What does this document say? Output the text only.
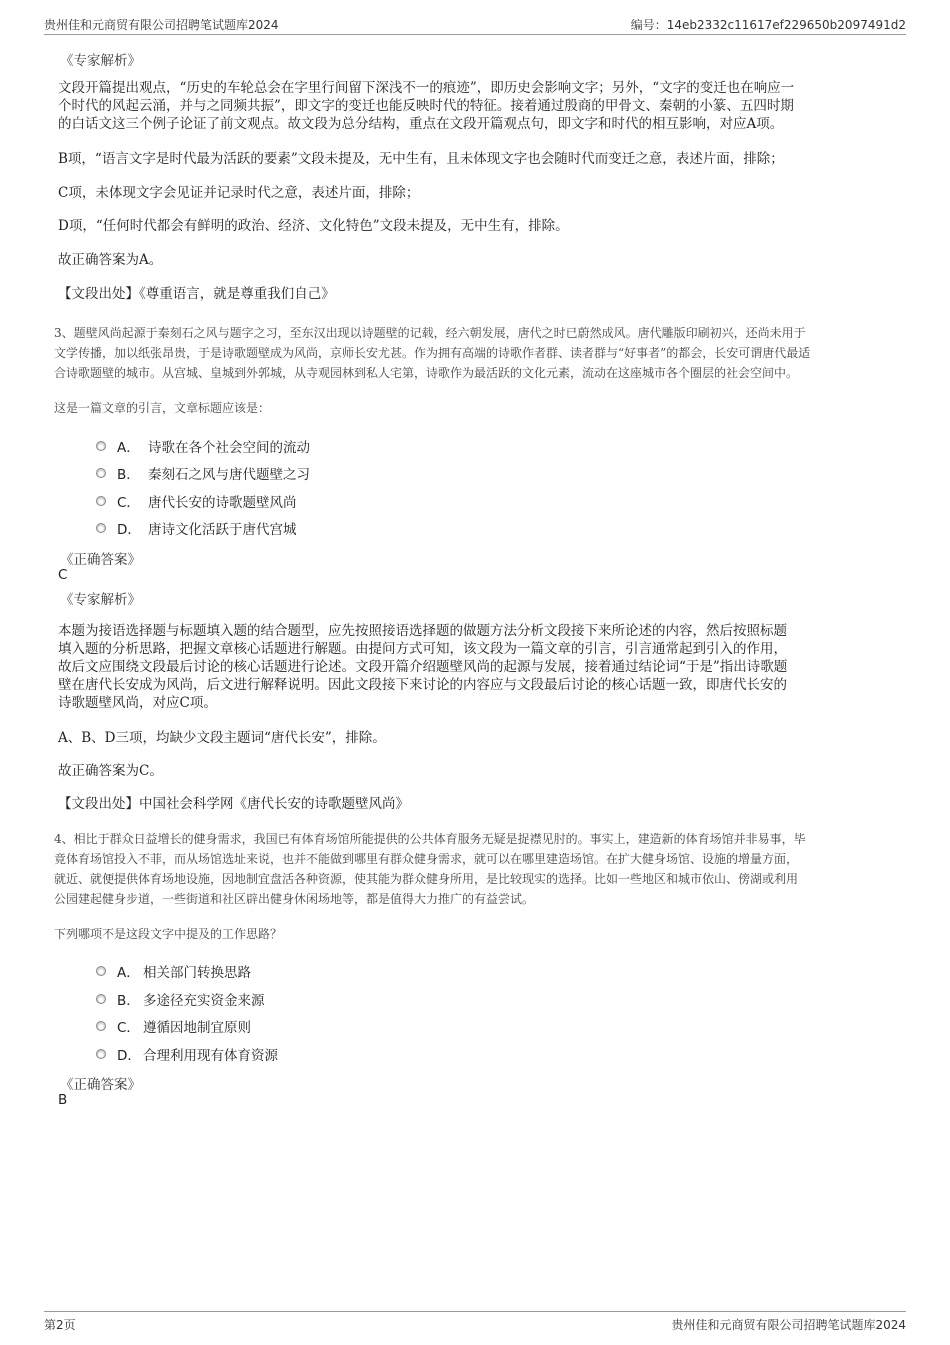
贵州佳和元商贸有限公司招聘笔试题库2024	编号：14eb2332c11617ef229650b2097491d2
《专家解析》
文段开篇提出观点，“历史的车轮总会在字里行间留下深浅不一的痕迹”，即历史会影响文字；另外，“文字的变迁也在响应一
个时代的风起云涌，并与之同频共振”，即文字的变迁也能反映时代的特征。接着通过殷商的甲骨文、秦朝的小篆、五四时期
的白话文这三个例子论证了前文观点。故文段为总分结构，重点在文段开篇观点句，即文字和时代的相互影响，对应A项。
B项，“语言文字是时代最为活跃的要素”文段未提及，无中生有，且未体现文字也会随时代而变迁之意，表述片面，排除；
C项，未体现文字会见证并记录时代之意，表述片面，排除；
D项，“任何时代都会有鲜明的政治、经济、文化特色”文段未提及，无中生有，排除。
故正确答案为A。
【文段出处】《尊重语言，就是尊重我们自己》
3、题壁风尚起源于秦刻石之风与题字之习，至东汉出现以诗题壁的记载，经六朝发展，唐代之时已蔚然成风。唐代雕版印刷初兴，还尚未用于
文学传播，加以纸张昂贵，于是诗歌题壁成为风尚，京师长安尤甚。作为拥有高端的诗歌作者群、读者群与“好事者”的都会，长安可谓唐代最适
合诗歌题壁的城市。从宫城、皇城到外郭城，从寺观园林到私人宅第，诗歌作为最活跃的文化元素，流动在这座城市各个圈层的社会空间中。
这是一篇文章的引言，文章标题应该是：
A． 诗歌在各个社会空间的流动
B． 秦刻石之风与唐代题壁之习
C． 唐代长安的诗歌题壁风尚
D． 唐诗文化活跃于唐代宫城
《正确答案》
C
《专家解析》
本题为接语选择题与标题填入题的结合题型，应先按照接语选择题的做题方法分析文段接下来所论述的内容，然后按照标题
填入题的分析思路，把握文章核心话题进行解题。由提问方式可知，该文段为一篇文章的引言，引言通常起到引入的作用，
故后文应围绕文段最后讨论的核心话题进行论述。文段开篇介绍题壁风尚的起源与发展，接着通过结论词“于是”指出诗歌题
壁在唐代长安成为风尚，后文进行解释说明。因此文段接下来讨论的内容应与文段最后讨论的核心话题一致，即唐代长安的
诗歌题壁风尚，对应C项。
A、B、D三项，均缺少文段主题词“唐代长安”，排除。
故正确答案为C。
【文段出处】中国社会科学网《唐代长安的诗歌题壁风尚》
4、相比于群众日益增长的健身需求，我国已有体育场馆所能提供的公共体育服务无疑是捉襟见肘的。事实上，建造新的体育场馆并非易事，毕
竟体育场馆投入不菲，而从场馆选址来说，也并不能做到哪里有群众健身需求，就可以在哪里建造场馆。在扩大健身场馆、设施的增量方面，
就近、就便提供体育场地设施，因地制宜盘活各种资源，使其能为群众健身所用，是比较现实的选择。比如一些地区和城市依山、傍湖或利用
公园建起健身步道，一些街道和社区辟出健身休闲场地等，都是值得大力推广的有益尝试。
下列哪项不是这段文字中提及的工作思路？
A． 相关部门转换思路
B． 多途径充实资金来源
C． 遵循因地制宜原则
D． 合理利用现有体育资源
《正确答案》
B
第2页	贵州佳和元商贸有限公司招聘笔试题库2024
